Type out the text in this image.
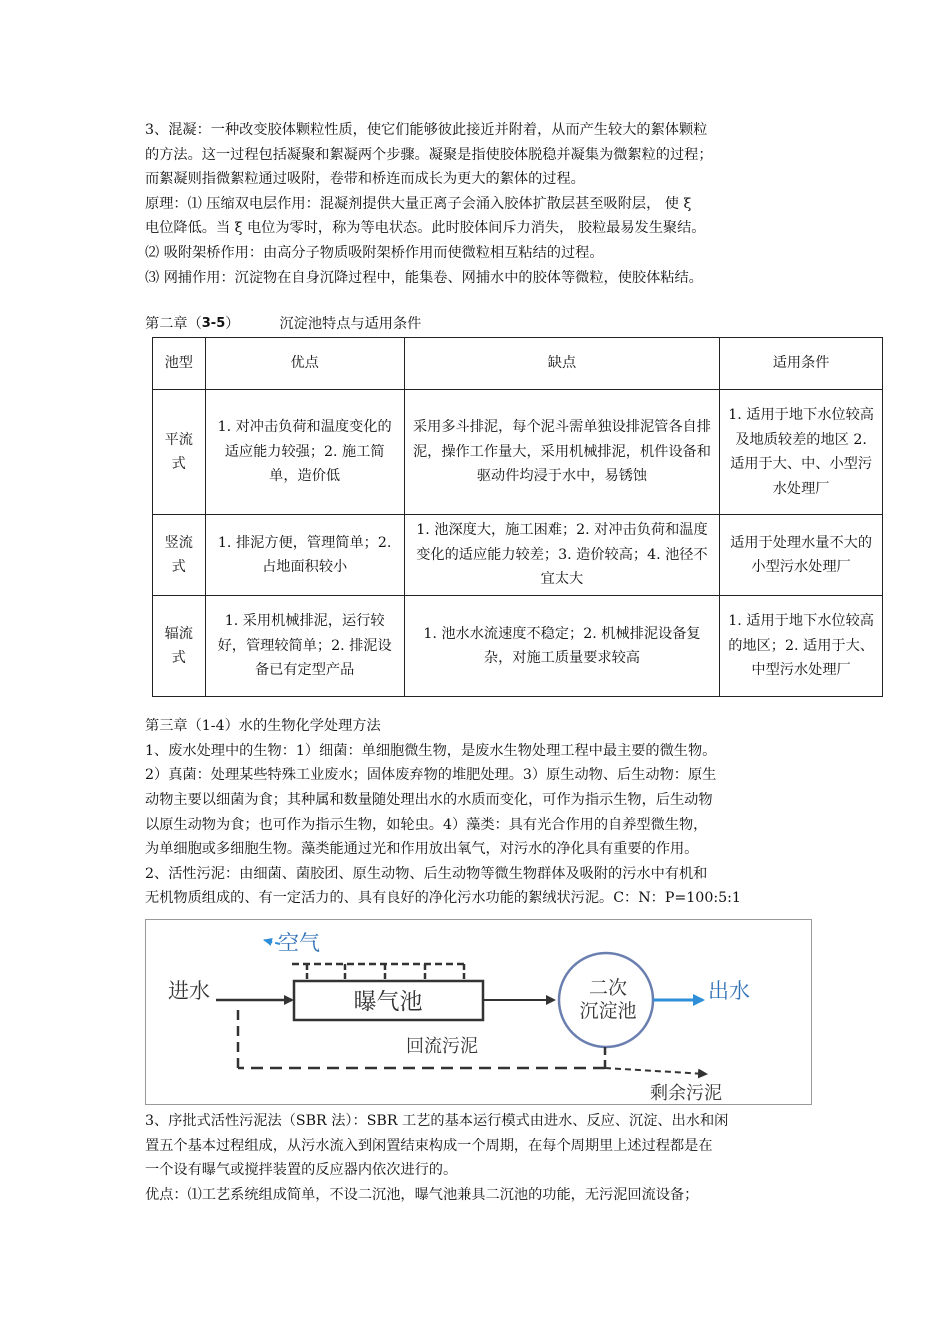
3、混凝：一种改变胶体颗粒性质，使它们能够彼此接近并附着，从而产生较大的絮体颗粒

的方法。这一过程包括凝聚和絮凝两个步骤。凝聚是指使胶体脱稳并凝集为微絮粒的过程；

而絮凝则指微絮粒通过吸附，卷带和桥连而成长为更大的絮体的过程。

原理：⑴ 压缩双电层作用：混凝剂提供大量正离子会涌入胶体扩散层甚至吸附层， 使 ξ

电位降低。当 ξ 电位为零时，称为等电状态。此时胶体间斥力消失， 胶粒最易发生聚结。

⑵ 吸附架桥作用：由高分子物质吸附架桥作用而使微粒相互粘结的过程。

⑶ 网捕作用：沉淀物在自身沉降过程中，能集卷、网捕水中的胶体等微粒，使胶体粘结。

第二章（ 3-5 ）	沉淀池特点与适用条件
池型	优点	缺点	适用条件
平流式	1. 对冲击负荷和温度变化的适应能力较强；2. 施工简单，造价低	采用多斗排泥，每个泥斗需单独设排泥管各自排泥，操作工作量大，采用机械排泥，机件设备和驱动件均浸于水中，易锈蚀	1. 适用于地下水位较高及地质较差的地区 2. 适用于大、中、小型污水处理厂
竖流式	1. 排泥方便，管理简单；2. 占地面积较小	1. 池深度大，施工困难；2. 对冲击负荷和温度变化的适应能力较差；3. 造价较高；4. 池径不宜太大	适用于处理水量不大的小型污水处理厂
辐流式	1. 采用机械排泥，运行较好，管理较简单；2. 排泥设备已有定型产品	1. 池水水流速度不稳定；2. 机械排泥设备复杂，对施工质量要求较高	1. 适用于地下水位较高的地区；2. 适用于大、中型污水处理厂

第三章（1-4）水的生物化学处理方法

1、废水处理中的生物：1）细菌：单细胞微生物，是废水生物处理工程中最主要的微生物。

2）真菌：处理某些特殊工业废水；固体废弃物的堆肥处理。3）原生动物、后生动物：原生

动物主要以细菌为食；其种属和数量随处理出水的水质而变化，可作为指示生物，后生动物

以原生动物为食；也可作为指示生物，如轮虫。4）藻类：具有光合作用的自养型微生物，

为单细胞或多细胞生物。藻类能通过光和作用放出氧气，对污水的净化具有重要的作用。

2、活性污泥：由细菌、菌胶团、原生动物、后生动物等微生物群体及吸附的污水中有机和

无机物质组成的、有一定活力的、具有良好的净化污水功能的絮绒状污泥。C：N：P=100:5:1

空气
进水	曝气池
二次
沉淀池
出水
回流污泥
剩余污泥

3、序批式活性污泥法（SBR 法）：SBR 工艺的基本运行模式由进水、反应、沉淀、出水和闲

置五个基本过程组成，从污水流入到闲置结束构成一个周期，在每个周期里上述过程都是在

一个设有曝气或搅拌装置的反应器内依次进行的。

优点：⑴工艺系统组成简单，不设二沉池，曝气池兼具二沉池的功能，无污泥回流设备；
